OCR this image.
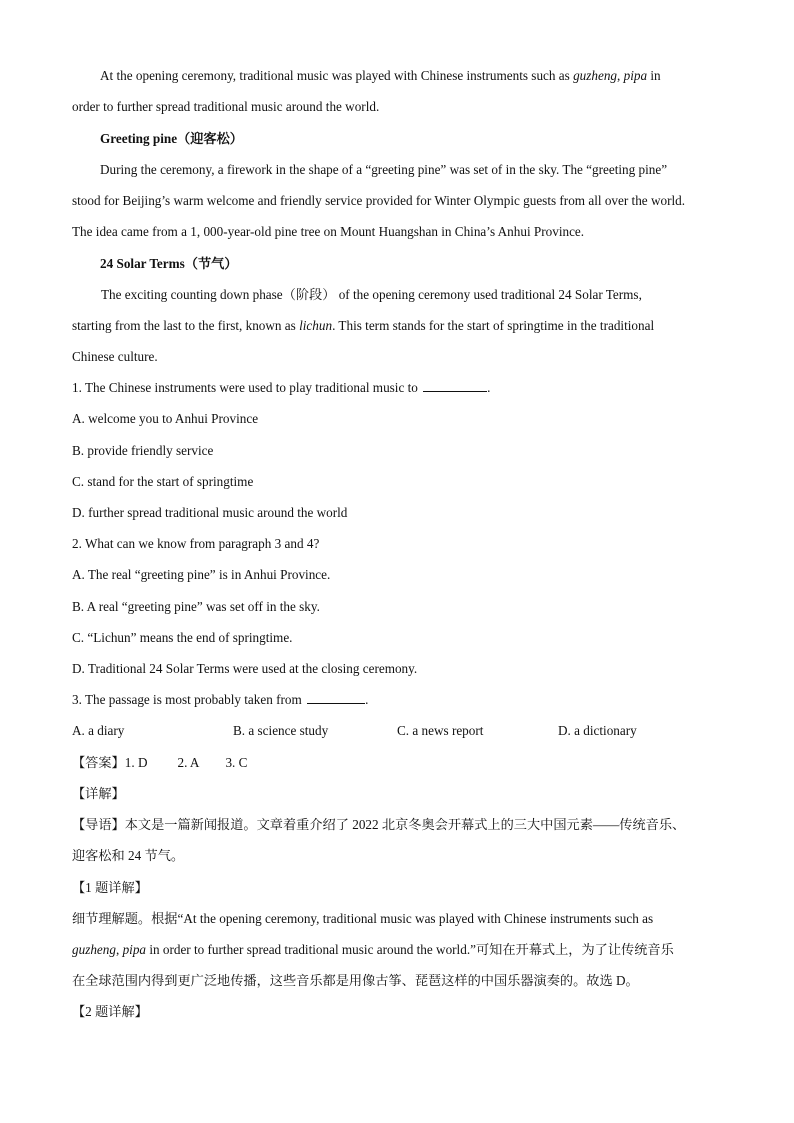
At the opening ceremony, traditional music was played with Chinese instruments such as guzheng, pipa in
order to further spread traditional music around the world.
Greeting pine（迎客松）
During the ceremony, a firework in the shape of a “greeting pine” was set of in the sky. The “greeting pine”
stood for Beijing’s warm welcome and friendly service provided for Winter Olympic guests from all over the world.
The idea came from a 1, 000-year-old pine tree on Mount Huangshan in China’s Anhui Province.
24 Solar Terms（节气）
The exciting counting down phase（阶段） of the opening ceremony used traditional 24 Solar Terms,
starting from the last to the first, known as lichun. This term stands for the start of springtime in the traditional
Chinese culture.
1. The Chinese instruments were used to play traditional music to	.
A. welcome you to Anhui Province
B. provide friendly service
C. stand for the start of springtime
D. further spread traditional music around the world
2. What can we know from paragraph 3 and 4?
A. The real “greeting pine” is in Anhui Province.
B. A real “greeting pine” was set off in the sky.
C. “Lichun” means the end of springtime.
D. Traditional 24 Solar Terms were used at the closing ceremony.
3. The passage is most probably taken from	.
A. a diary	B. a science study	C. a news report	D. a dictionary
【答案】1. D 2. A 3. C
【详解】
【导语】本文是一篇新闻报道。文章着重介绍了 2022 北京冬奥会开幕式上的三大中国元素——传统音乐、
迎客松和 24 节气。
【1 题详解】
细节理解题。根据“At the opening ceremony, traditional music was played with Chinese instruments such as
guzheng, pipa in order to further spread traditional music around the world.”可知在开幕式上，为了让传统音乐
在全球范围内得到更广泛地传播，这些音乐都是用像古筝、琵琶这样的中国乐器演奏的。故选 D。
【2 题详解】
